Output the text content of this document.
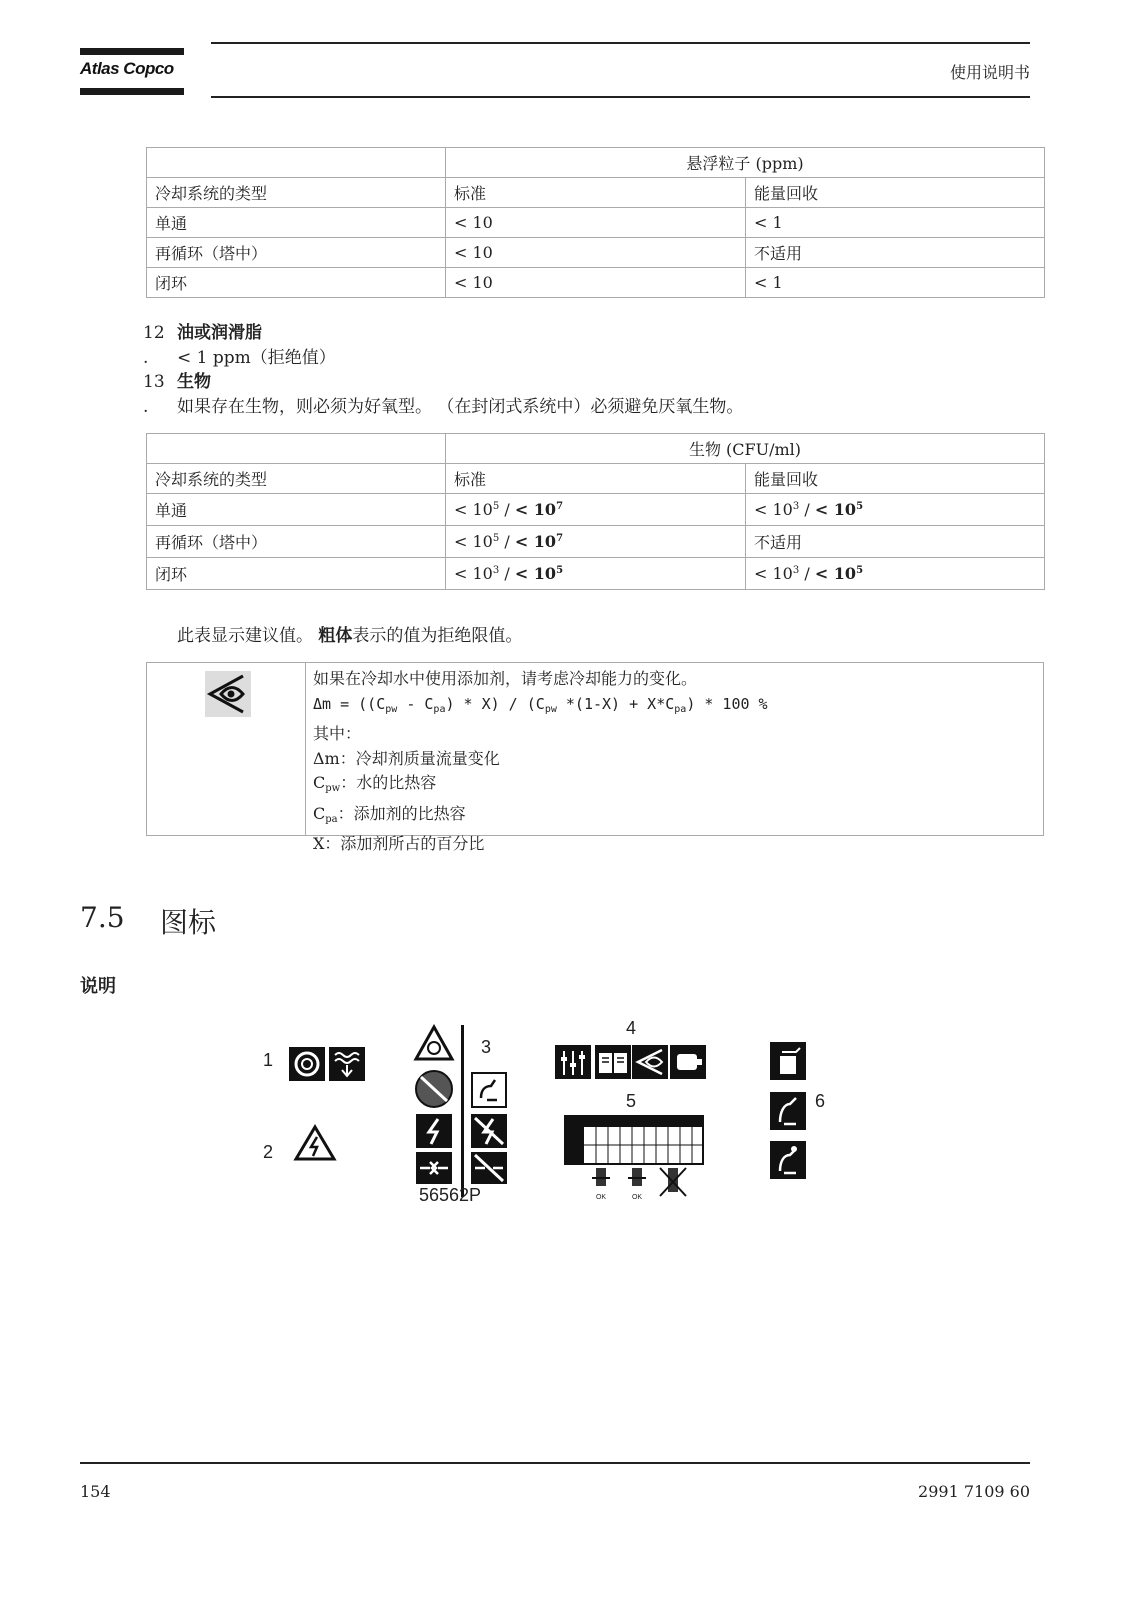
Atlas Copco	使用说明书
	悬浮粒子 (ppm)	
冷却系统的类型	标准	能量回收
单通	< 10	< 1
再循环（塔中）	< 10	不适用
闭环	< 10	< 1
12 油或润滑脂
. < 1 ppm（拒绝值）
13 生物
. 如果存在生物，则必须为好氧型。 （在封闭式系统中）必须避免厌氧生物。
	生物 (CFU/ml)	
冷却系统的类型	标准	能量回收
单通	< $10^5$ / < $10^7$	< $10^3$ / < $10^5$
再循环（塔中）	< $10^5$ / < $10^7$	不适用
闭环	< $10^3$ / < $10^5$	< $10^3$ / < $10^5$
此表显示建议值。 粗体表示的值为拒绝限值。
如果在冷却水中使用添加剂，请考虑冷却能力的变化。
$\Delta m = ((C_{pw} - C_{pa}) * X) / (C_{pw}$ $*(1-X) + X*C_{pa}) * 100$ %
其中：
Δm：冷却剂质量流量变化
$C_{pw}$：水的比热容
$C_{pa}$：添加剂的比热容
X：添加剂所占的百分比
7.5 图标
说明
1
2
3
56562P
4
5
OK	OK
6
154	2991 7109 60
